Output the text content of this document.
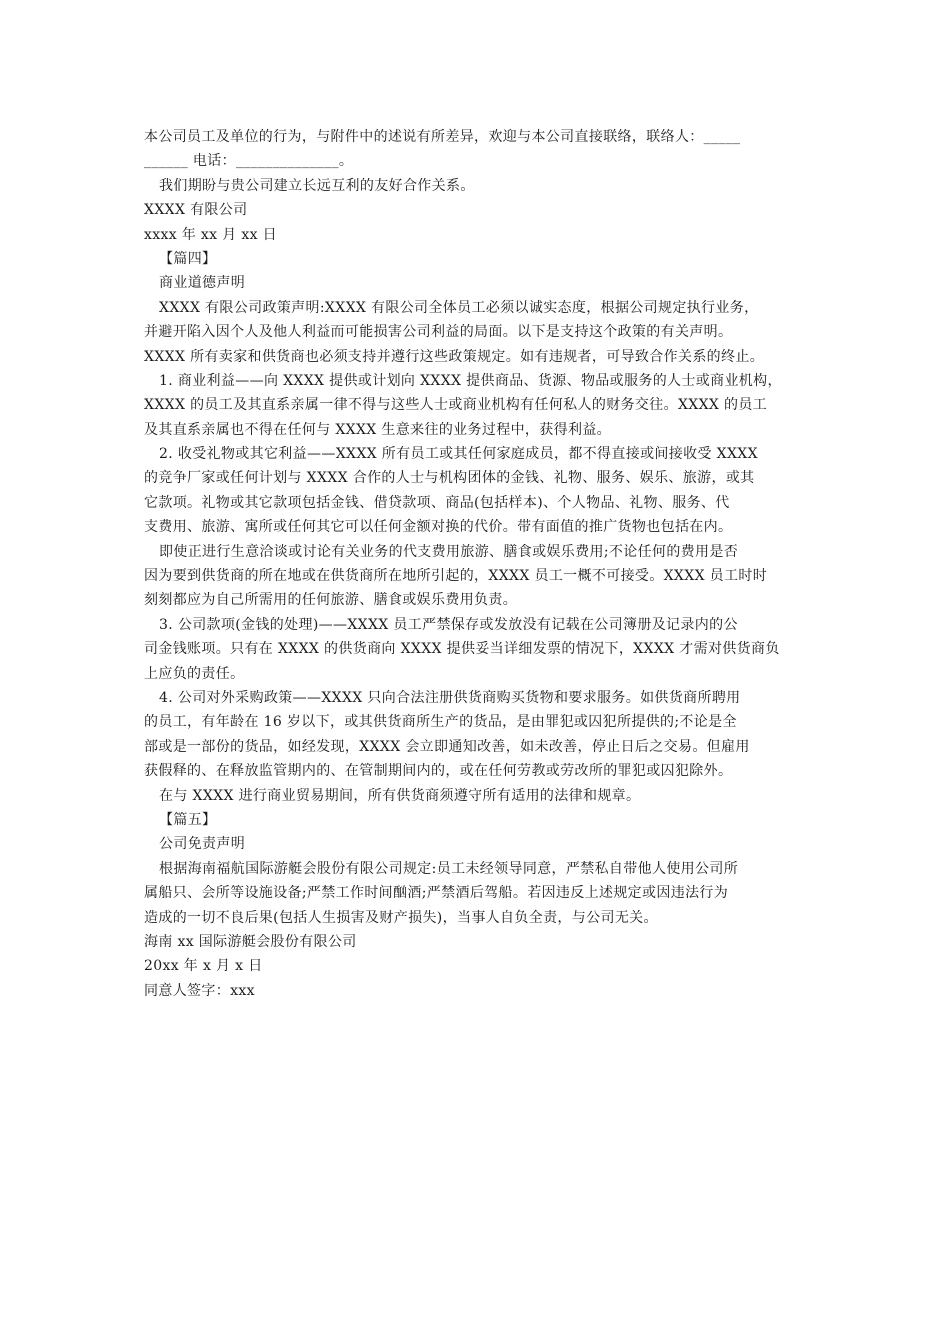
本公司员工及单位的行为，与附件中的述说有所差异，欢迎与本公司直接联络，联络人：_____
______ 电话：______________。
我们期盼与贵公司建立长远互利的友好合作关系。
XXXX 有限公司
xxxx 年 xx 月 xx 日
【篇四】
商业道德声明
XXXX 有限公司政策声明:XXXX 有限公司全体员工必须以诚实态度，根据公司规定执行业务，
并避开陷入因个人及他人利益而可能损害公司利益的局面。以下是支持这个政策的有关声明。
XXXX 所有卖家和供货商也必须支持并遵行这些政策规定。如有违规者，可导致合作关系的终止。
1. 商业利益——向 XXXX 提供或计划向 XXXX 提供商品、货源、物品或服务的人士或商业机构，
XXXX 的员工及其直系亲属一律不得与这些人士或商业机构有任何私人的财务交往。XXXX 的员工
及其直系亲属也不得在任何与 XXXX 生意来往的业务过程中，获得利益。
2. 收受礼物或其它利益——XXXX 所有员工或其任何家庭成员，都不得直接或间接收受 XXXX
的竞争厂家或任何计划与 XXXX 合作的人士与机构团体的金钱、礼物、服务、娱乐、旅游，或其
它款项。礼物或其它款项包括金钱、借贷款项、商品(包括样本)、个人物品、礼物、服务、代
支费用、旅游、寓所或任何其它可以任何金额对换的代价。带有面值的推广货物也包括在内。
即使正进行生意洽谈或讨论有关业务的代支费用旅游、膳食或娱乐费用;不论任何的费用是否
因为要到供货商的所在地或在供货商所在地所引起的，XXXX 员工一概不可接受。XXXX 员工时时
刻刻都应为自己所需用的任何旅游、膳食或娱乐费用负责。
3. 公司款项(金钱的处理)——XXXX 员工严禁保存或发放没有记载在公司簿册及记录内的公
司金钱账项。只有在 XXXX 的供货商向 XXXX 提供妥当详细发票的情况下，XXXX 才需对供货商负
上应负的责任。
4. 公司对外采购政策——XXXX 只向合法注册供货商购买货物和要求服务。如供货商所聘用
的员工，有年龄在 16 岁以下，或其供货商所生产的货品，是由罪犯或囚犯所提供的;不论是全
部或是一部份的货品，如经发现，XXXX 会立即通知改善，如未改善，停止日后之交易。但雇用
获假释的、在释放监管期内的、在管制期间内的，或在任何劳教或劳改所的罪犯或囚犯除外。
在与 XXXX 进行商业贸易期间，所有供货商须遵守所有适用的法律和规章。
【篇五】
公司免责声明
根据海南福航国际游艇会股份有限公司规定:员工未经领导同意，严禁私自带他人使用公司所
属船只、会所等设施设备;严禁工作时间酗酒;严禁酒后驾船。若因违反上述规定或因违法行为
造成的一切不良后果(包括人生损害及财产损失)，当事人自负全责，与公司无关。
海南 xx 国际游艇会股份有限公司
20xx 年 x 月 x 日
同意人签字：xxx
